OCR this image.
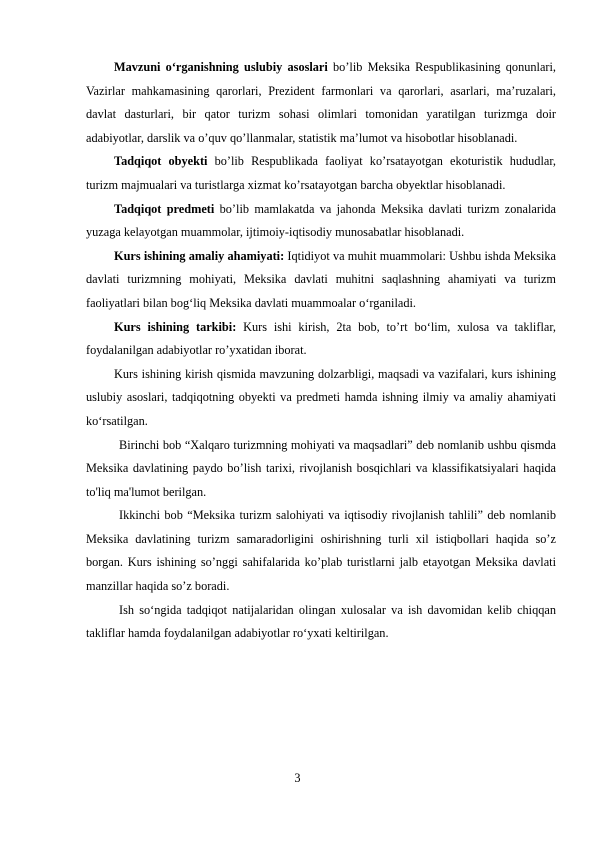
Mavzuni o‘rganishning uslubiy asoslari bo’lib Meksika Respublikasining qonunlari, Vazirlar mahkamasining qarorlari, Prezident farmonlari va qarorlari, asarlari, ma’ruzalari, davlat dasturlari, bir qator turizm sohasi olimlari tomonidan yaratilgan turizmga doir adabiyotlar, darslik va o’quv qo’llanmalar, statistik ma’lumot va hisobotlar hisoblanadi.

Tadqiqot obyekti bo’lib Respublikada faoliyat ko’rsatayotgan ekoturistik hududlar, turizm majmualari va turistlarga xizmat ko’rsatayotgan barcha obyektlar hisoblanadi.

Tadqiqot predmeti bo’lib mamlakatda va jahonda Meksika davlati turizm zonalarida yuzaga kelayotgan muammolar, ijtimoiy-iqtisodiy munosabatlar hisoblanadi.

Kurs ishining amaliy ahamiyati: Iqtidiyot va muhit muammolari: Ushbu ishda Meksika davlati turizmning mohiyati, Meksika davlati muhitni saqlashning ahamiyati va turizm faoliyatlari bilan bog‘liq Meksika davlati muammoalar o‘rganiladi.

Kurs ishining tarkibi: Kurs ishi kirish, 2ta bob, to’rt bo‘lim, xulosa va takliflar, foydalanilgan adabiyotlar ro’yxatidan iborat.

Kurs ishining kirish qismida mavzuning dolzarbligi, maqsadi va vazifalari, kurs ishining uslubiy asoslari, tadqiqotning obyekti va predmeti hamda ishning ilmiy va amaliy ahamiyati ko‘rsatilgan.

Birinchi bob “Xalqaro turizmning mohiyati va maqsadlari” deb nomlanib ushbu qismda Meksika davlatining paydo bo’lish tarixi, rivojlanish bosqichlari va klassifikatsiyalari haqida to'liq ma'lumot berilgan.

Ikkinchi bob “Meksika turizm salohiyati va iqtisodiy rivojlanish tahlili” deb nomlanib Meksika davlatining turizm samaradorligini oshirishning turli xil istiqbollari haqida so’z borgan. Kurs ishining so’nggi sahifalarida ko’plab turistlarni jalb etayotgan Meksika davlati manzillar haqida so’z boradi.

Ish so‘ngida tadqiqot natijalaridan olingan xulosalar va ish davomidan kelib chiqqan takliflar hamda foydalanilgan adabiyotlar ro‘yxati keltirilgan.

3
